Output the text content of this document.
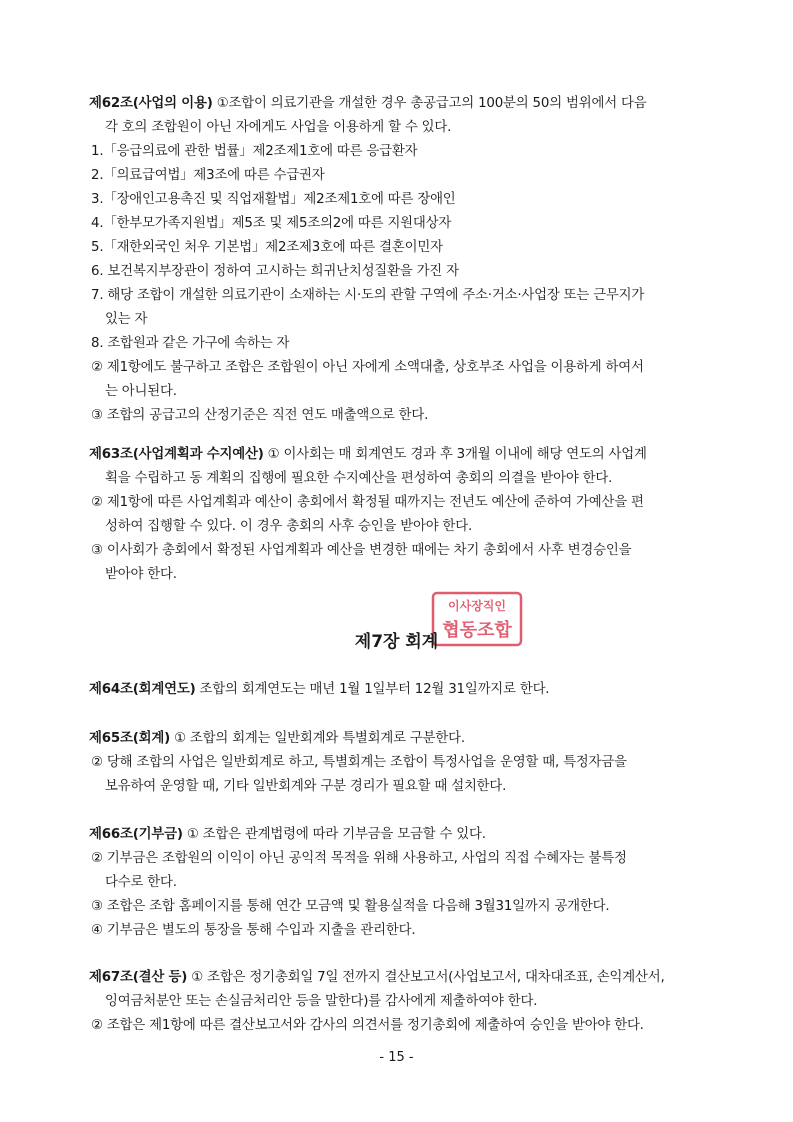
제62조(사업의 이용) ①조합이 의료기관을 개설한 경우 총공급고의 100분의 50의 범위에서 다음

각 호의 조합원이 아닌 자에게도 사업을 이용하게 할 수 있다.

1.「응급의료에 관한 법률」제2조제1호에 따른 응급환자

2.「의료급여법」제3조에 따른 수급권자

3.「장애인고용촉진 및 직업재활법」제2조제1호에 따른 장애인

4.「한부모가족지원법」제5조 및 제5조의2에 따른 지원대상자

5.「재한외국인 처우 기본법」제2조제3호에 따른 결혼이민자

6. 보건복지부장관이 정하여 고시하는 희귀난치성질환을 가진 자

7. 해당 조합이 개설한 의료기관이 소재하는 시·도의 관할 구역에 주소·거소·사업장 또는 근무지가

있는 자

8. 조합원과 같은 가구에 속하는 자

② 제1항에도 불구하고 조합은 조합원이 아닌 자에게 소액대출, 상호부조 사업을 이용하게 하여서

는 아니된다.

③ 조합의 공급고의 산정기준은 직전 연도 매출액으로 한다.

제63조(사업계획과 수지예산) ① 이사회는 매 회계연도 경과 후 3개월 이내에 해당 연도의 사업계

획을 수립하고 동 계획의 집행에 필요한 수지예산을 편성하여 총회의 의결을 받아야 한다.

② 제1항에 따른 사업계획과 예산이 총회에서 확정될 때까지는 전년도 예산에 준하여 가예산을 편

성하여 집행할 수 있다. 이 경우 총회의 사후 승인을 받아야 한다.

③ 이사회가 총회에서 확정된 사업계획과 예산을 변경한 때에는 차기 총회에서 사후 변경승인을

받아야 한다.

이사장직인
협동조합
제7장 회계

제64조(회계연도) 조합의 회계연도는 매년 1월 1일부터 12월 31일까지로 한다.

제65조(회계) ① 조합의 회계는 일반회계와 특별회계로 구분한다.

② 당해 조합의 사업은 일반회계로 하고, 특별회계는 조합이 특정사업을 운영할 때, 특정자금을

보유하여 운영할 때, 기타 일반회계와 구분 경리가 필요할 때 설치한다.

제66조(기부금) ① 조합은 관계법령에 따라 기부금을 모금할 수 있다.

② 기부금은 조합원의 이익이 아닌 공익적 목적을 위해 사용하고, 사업의 직접 수혜자는 불특정

다수로 한다.

③ 조합은 조합 홈페이지를 통해 연간 모금액 및 활용실적을 다음해 3월31일까지 공개한다.

④ 기부금은 별도의 통장을 통해 수입과 지출을 관리한다.

제67조(결산 등) ① 조합은 정기총회일 7일 전까지 결산보고서(사업보고서, 대차대조표, 손익계산서,

잉여금처분안 또는 손실금처리안 등을 말한다)를 감사에게 제출하여야 한다.

② 조합은 제1항에 따른 결산보고서와 감사의 의견서를 정기총회에 제출하여 승인을 받아야 한다.

- 15 -
